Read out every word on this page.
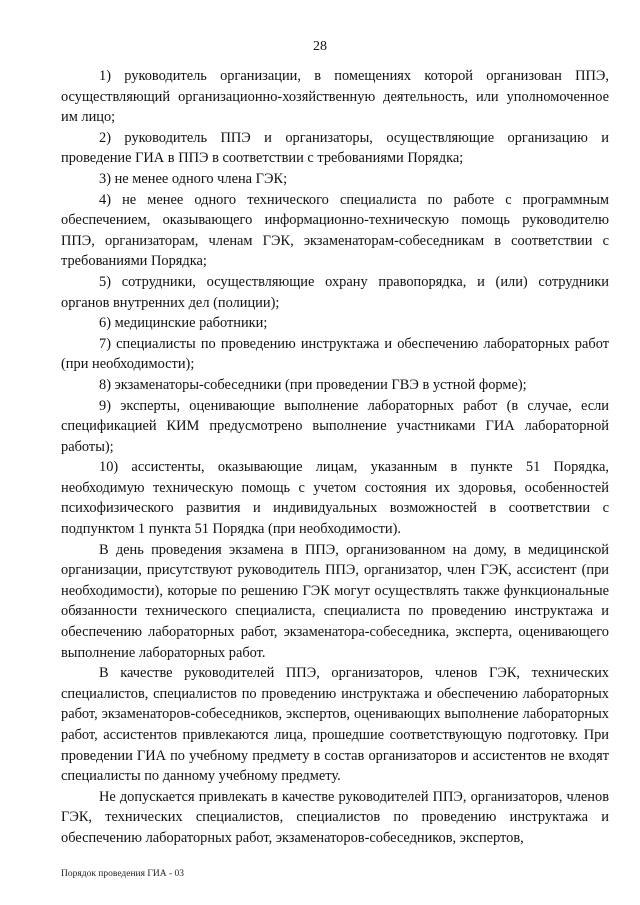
28

1) руководитель организации, в помещениях которой организован ППЭ, осуществляющий организационно-хозяйственную деятельность, или уполномоченное им лицо;

2) руководитель ППЭ и организаторы, осуществляющие организацию и проведение ГИА в ППЭ в соответствии с требованиями Порядка;

3) не менее одного члена ГЭК;

4) не менее одного технического специалиста по работе с программным обеспечением, оказывающего информационно-техническую помощь руководителю ППЭ, организаторам, членам ГЭК, экзаменаторам-собеседникам в соответствии с требованиями Порядка;

5) сотрудники, осуществляющие охрану правопорядка, и (или) сотрудники органов внутренних дел (полиции);

6) медицинские работники;

7) специалисты по проведению инструктажа и обеспечению лабораторных работ (при необходимости);

8) экзаменаторы-собеседники (при проведении ГВЭ в устной форме);

9) эксперты, оценивающие выполнение лабораторных работ (в случае, если спецификацией КИМ предусмотрено выполнение участниками ГИА лабораторной работы);

10) ассистенты, оказывающие лицам, указанным в пункте 51 Порядка, необходимую техническую помощь с учетом состояния их здоровья, особенностей психофизического развития и индивидуальных возможностей в соответствии с подпунктом 1 пункта 51 Порядка (при необходимости).

В день проведения экзамена в ППЭ, организованном на дому, в медицинской организации, присутствуют руководитель ППЭ, организатор, член ГЭК, ассистент (при необходимости), которые по решению ГЭК могут осуществлять также функциональные обязанности технического специалиста, специалиста по проведению инструктажа и обеспечению лабораторных работ, экзаменатора-собеседника, эксперта, оценивающего выполнение лабораторных работ.

В качестве руководителей ППЭ, организаторов, членов ГЭК, технических специалистов, специалистов по проведению инструктажа и обеспечению лабораторных работ, экзаменаторов-собеседников, экспертов, оценивающих выполнение лабораторных работ, ассистентов привлекаются лица, прошедшие соответствующую подготовку. При проведении ГИА по учебному предмету в состав организаторов и ассистентов не входят специалисты по данному учебному предмету.

Не допускается привлекать в качестве руководителей ППЭ, организаторов, членов ГЭК, технических специалистов, специалистов по проведению инструктажа и обеспечению лабораторных работ, экзаменаторов-собеседников, экспертов,

Порядок проведения ГИА - 03
